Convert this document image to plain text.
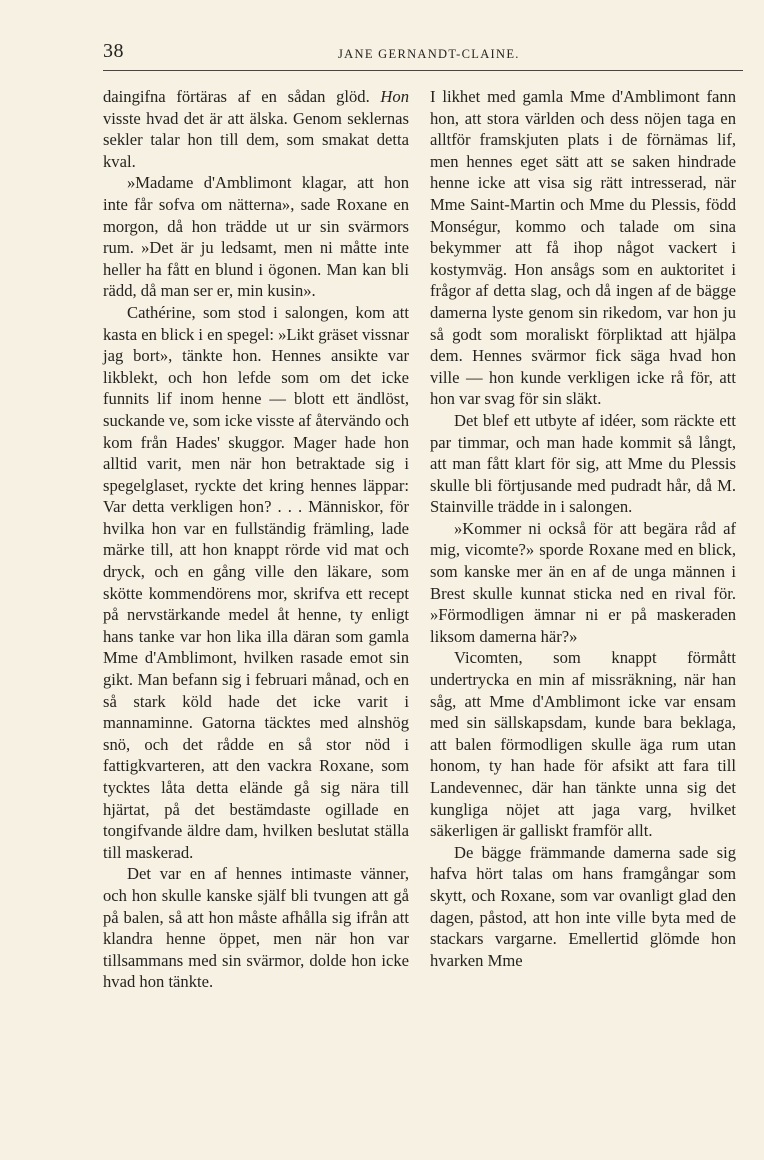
38	JANE GERNANDT-CLAINE.

daingifna förtäras af en sådan glöd. Hon visste hvad det är att älska. Genom seklernas sekler talar hon till dem, som smakat detta kval.

»Madame d'Amblimont klagar, att hon inte får sofva om nätterna», sade Roxane en morgon, då hon trädde ut ur sin svärmors rum. »Det är ju ledsamt, men ni måtte inte heller ha fått en blund i ögonen. Man kan bli rädd, då man ser er, min kusin».

Cathérine, som stod i salongen, kom att kasta en blick i en spegel: »Likt gräset vissnar jag bort», tänkte hon. Hennes ansikte var likblekt, och hon lefde som om det icke funnits lif inom henne — blott ett ändlöst, suckande ve, som icke visste af återvändo och kom från Hades' skuggor. Mager hade hon alltid varit, men när hon betraktade sig i spegelglaset, ryckte det kring hennes läppar: Var detta verkligen hon? . . . Människor, för hvilka hon var en fullständig främling, lade märke till, att hon knappt rörde vid mat och dryck, och en gång ville den läkare, som skötte kommendörens mor, skrifva ett recept på nervstärkande medel åt henne, ty enligt hans tanke var hon lika illa däran som gamla Mme d'Amblimont, hvilken rasade emot sin gikt. Man befann sig i februari månad, och en så stark köld hade det icke varit i mannaminne. Gatorna täcktes med alnshög snö, och det rådde en så stor nöd i fattigkvarteren, att den vackra Roxane, som tycktes låta detta elände gå sig nära till hjärtat, på det bestämdaste ogillade en tongifvande äldre dam, hvilken beslutat ställa till maskerad.

Det var en af hennes intimaste vänner, och hon skulle kanske själf bli tvungen att gå på balen, så att hon måste afhålla sig ifrån att klandra henne öppet, men när hon var tillsammans med sin svärmor, dolde hon icke hvad hon tänkte.

I likhet med gamla Mme d'Amblimont fann hon, att stora världen och dess nöjen taga en alltför framskjuten plats i de förnämas lif, men hennes eget sätt att se saken hindrade henne icke att visa sig rätt intresserad, när Mme Saint-Martin och Mme du Plessis, född Monségur, kommo och talade om sina bekymmer att få ihop något vackert i kostymväg. Hon ansågs som en auktoritet i frågor af detta slag, och då ingen af de bägge damerna lyste genom sin rikedom, var hon ju så godt som moraliskt förpliktad att hjälpa dem. Hennes svärmor fick säga hvad hon ville — hon kunde verkligen icke rå för, att hon var svag för sin släkt.

Det blef ett utbyte af idéer, som räckte ett par timmar, och man hade kommit så långt, att man fått klart för sig, att Mme du Plessis skulle bli förtjusande med pudradt hår, då M. Stainville trädde in i salongen.

»Kommer ni också för att begära råd af mig, vicomte?» sporde Roxane med en blick, som kanske mer än en af de unga männen i Brest skulle kunnat sticka ned en rival för. »Förmodligen ämnar ni er på maskeraden liksom damerna här?»

Vicomten, som knappt förmått undertrycka en min af missräkning, när han såg, att Mme d'Amblimont icke var ensam med sin sällskapsdam, kunde bara beklaga, att balen förmodligen skulle äga rum utan honom, ty han hade för afsikt att fara till Landevennec, där han tänkte unna sig det kungliga nöjet att jaga varg, hvilket säkerligen är galliskt framför allt.

De bägge främmande damerna sade sig hafva hört talas om hans framgångar som skytt, och Roxane, som var ovanligt glad den dagen, påstod, att hon inte ville byta med de stackars vargarne. Emellertid glömde hon hvarken Mme
